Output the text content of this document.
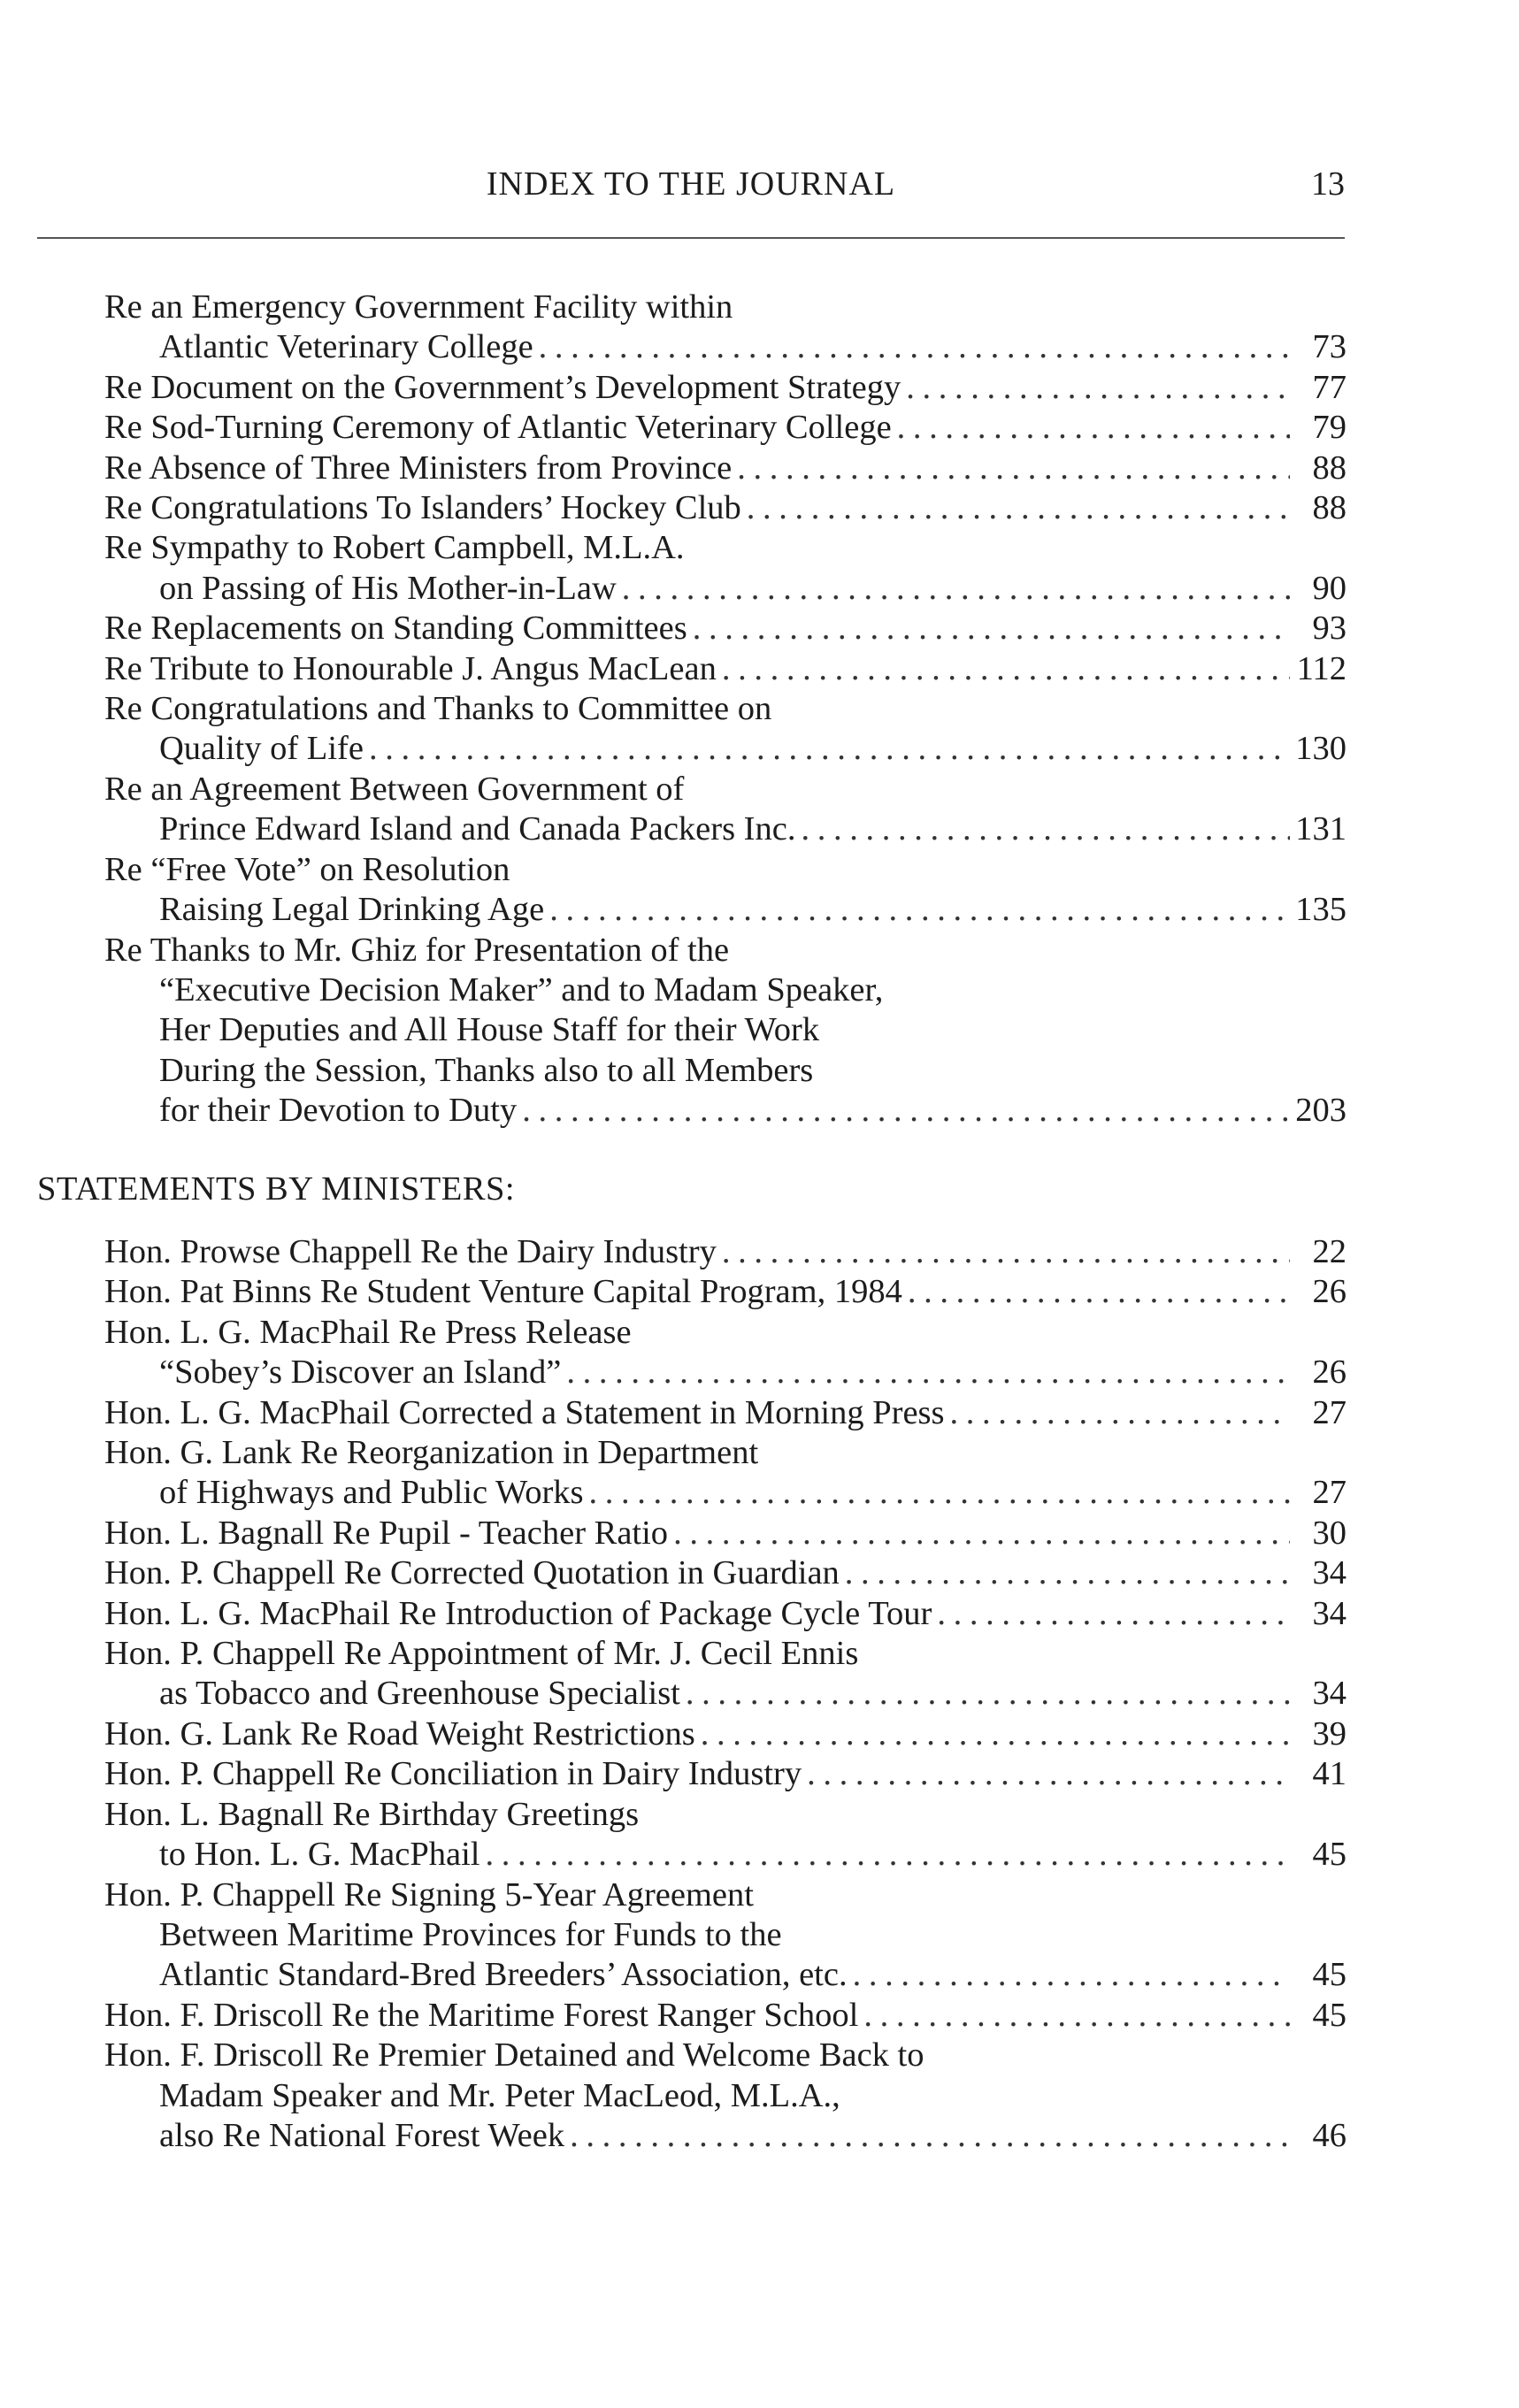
INDEX TO THE JOURNAL	13
Re an Emergency Government Facility within
Atlantic Veterinary College . . .	73
Re Document on the Government’s Development Strategy . . .	77
Re Sod-Turning Ceremony of Atlantic Veterinary College . . .	79
Re Absence of Three Ministers from Province . . .	88
Re Congratulations To Islanders’ Hockey Club . . .	88
Re Sympathy to Robert Campbell, M.L.A.
on Passing of His Mother-in-Law . . .	90
Re Replacements on Standing Committees . . .	93
Re Tribute to Honourable J. Angus MacLean . . .	112
Re Congratulations and Thanks to Committee on
Quality of Life . . .	130
Re an Agreement Between Government of
Prince Edward Island and Canada Packers Inc. . . .	131
Re “Free Vote” on Resolution
Raising Legal Drinking Age . . .	135
Re Thanks to Mr. Ghiz for Presentation of the
“Executive Decision Maker” and to Madam Speaker,
Her Deputies and All House Staff for their Work
During the Session, Thanks also to all Members
for their Devotion to Duty . . .	203
STATEMENTS BY MINISTERS:
Hon. Prowse Chappell Re the Dairy Industry . . .	22
Hon. Pat Binns Re Student Venture Capital Program, 1984 . . .	26
Hon. L. G. MacPhail Re Press Release
“Sobey’s Discover an Island” . . .	26
Hon. L. G. MacPhail Corrected a Statement in Morning Press . . .	27
Hon. G. Lank Re Reorganization in Department
of Highways and Public Works . . .	27
Hon. L. Bagnall Re Pupil - Teacher Ratio . . .	30
Hon. P. Chappell Re Corrected Quotation in Guardian . . .	34
Hon. L. G. MacPhail Re Introduction of Package Cycle Tour . . .	34
Hon. P. Chappell Re Appointment of Mr. J. Cecil Ennis
as Tobacco and Greenhouse Specialist . . .	34
Hon. G. Lank Re Road Weight Restrictions . . .	39
Hon. P. Chappell Re Conciliation in Dairy Industry . . .	41
Hon. L. Bagnall Re Birthday Greetings
to Hon. L. G. MacPhail . . .	45
Hon. P. Chappell Re Signing 5-Year Agreement
Between Maritime Provinces for Funds to the
Atlantic Standard-Bred Breeders’ Association, etc. . . .	45
Hon. F. Driscoll Re the Maritime Forest Ranger School . . .	45
Hon. F. Driscoll Re Premier Detained and Welcome Back to
Madam Speaker and Mr. Peter MacLeod, M.L.A.,
also Re National Forest Week . . .	46
